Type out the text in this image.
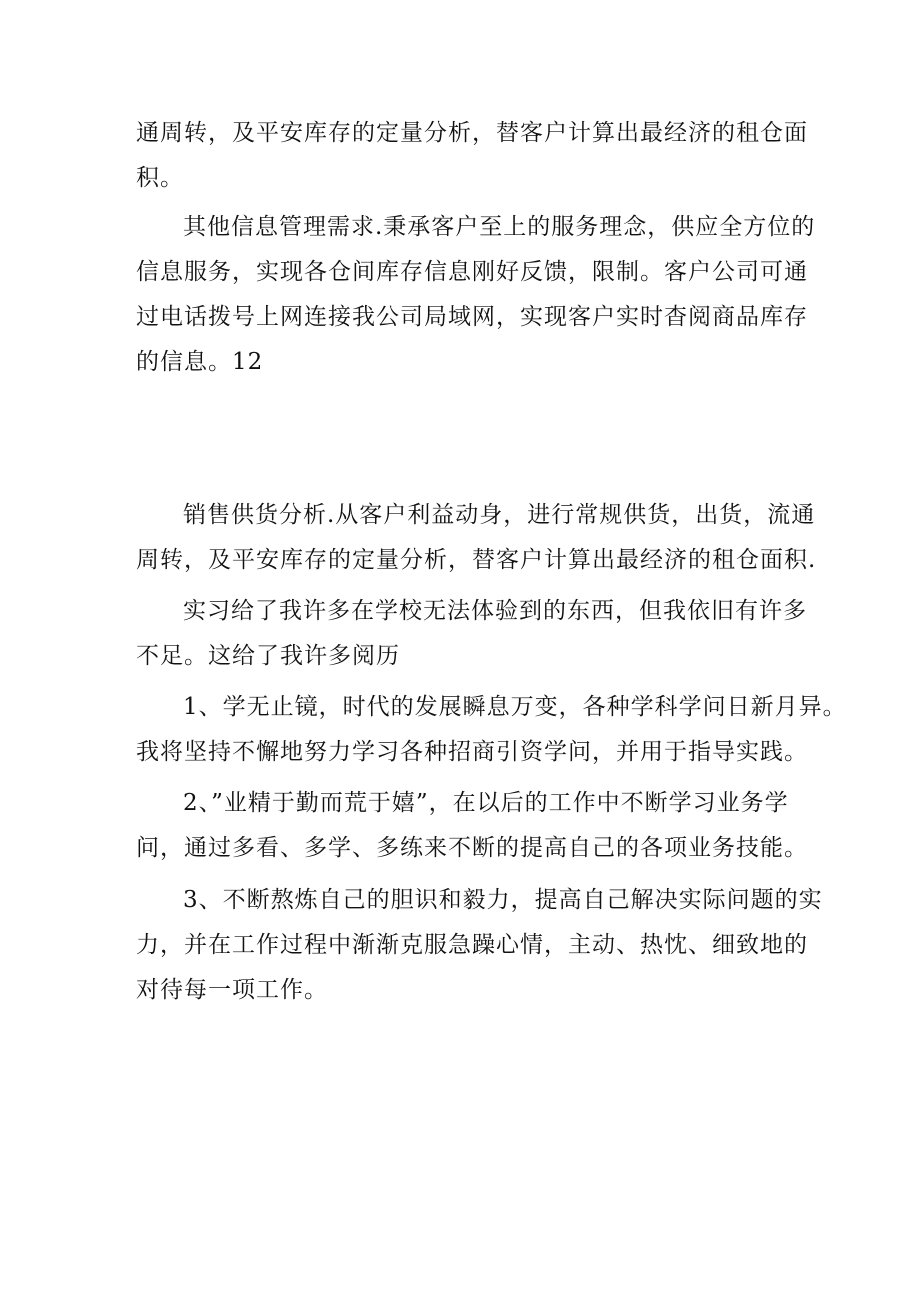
通周转，及平安库存的定量分析，替客户计算出最经济的租仓面
积。
其他信息管理需求.秉承客户至上的服务理念，供应全方位的
信息服务，实现各仓间库存信息刚好反馈，限制。客户公司可通
过电话拨号上网连接我公司局域网，实现客户实时杳阅商品库存
的信息。12
销售供货分析.从客户利益动身，进行常规供货，出货，流通
周转，及平安库存的定量分析，替客户计算出最经济的租仓面积.
实习给了我许多在学校无法体验到的东西，但我依旧有许多
不足。这给了我许多阅历
1、学无止镜，时代的发展瞬息万变，各种学科学问日新月异。
我将坚持不懈地努力学习各种招商引资学问，并用于指导实践。
2、”业精于勤而荒于嬉”，在以后的工作中不断学习业务学
问，通过多看、多学、多练来不断的提高自己的各项业务技能。
3、不断熬炼自己的胆识和毅力，提高自己解决实际问题的实
力，并在工作过程中渐渐克服急躁心情，主动、热忱、细致地的
对待每一项工作。
